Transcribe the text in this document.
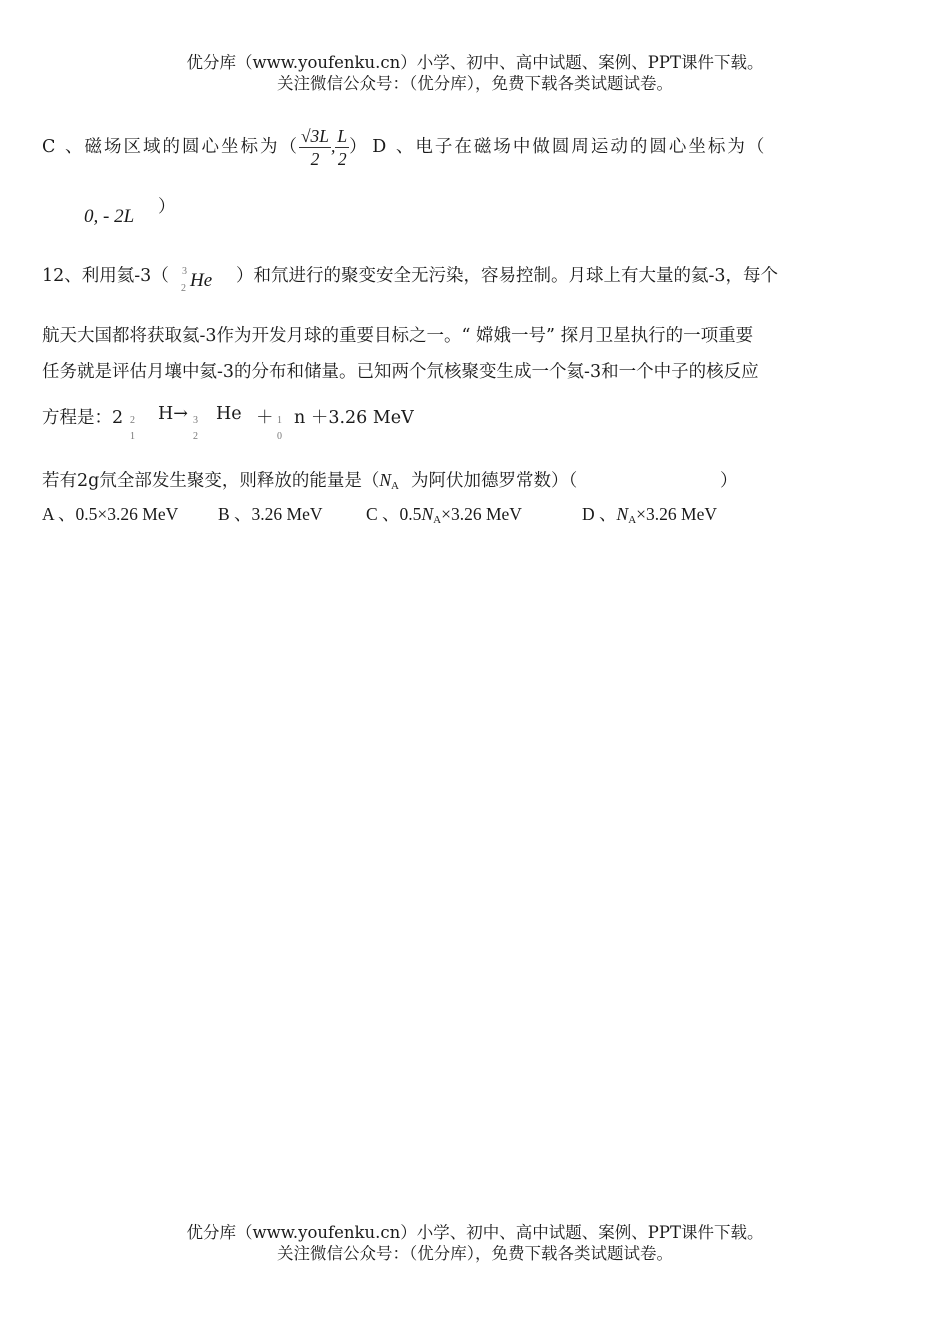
优分库（www.youfenku.cn）小学、初中、高中试题、案例、PPT课件下载。
关注微信公众号：（优分库），免费下载各类试题试卷。
C 、磁场区域的圆心坐标为（ $\frac{√3L}{2}$ , $\frac{L}{2}$ ） D 、电子在磁场中做圆周运动的圆心坐标为（
0, - 2L ）
12、利用氦-3（ 3
2 He ）和氘进行的聚变安全无污染，容易控制。月球上有大量的氦-3，每个
航天大国都将获取氦-3作为开发月球的重要目标之一。“ 嫦娥一号” 探月卫星执行的一项重要
任务就是评估月壤中氦-3的分布和储量。已知两个氘核聚变生成一个氦-3和一个中子的核反应
方程是：2 2
1
H→ 3
2
He ＋ 1
0
n ＋3.26 MeV
若有2g氘全部发生聚变，则释放的能量是（$N_A$ 为阿伏加德罗常数）（	）
A 、0.5×3.26 MeV B 、3.26 MeV C 、$0.5N_A\times 3.26$ MeV	D 、$N_A\times 3.26$ MeV
优分库（www.youfenku.cn）小学、初中、高中试题、案例、PPT课件下载。
关注微信公众号：（优分库），免费下载各类试题试卷。
